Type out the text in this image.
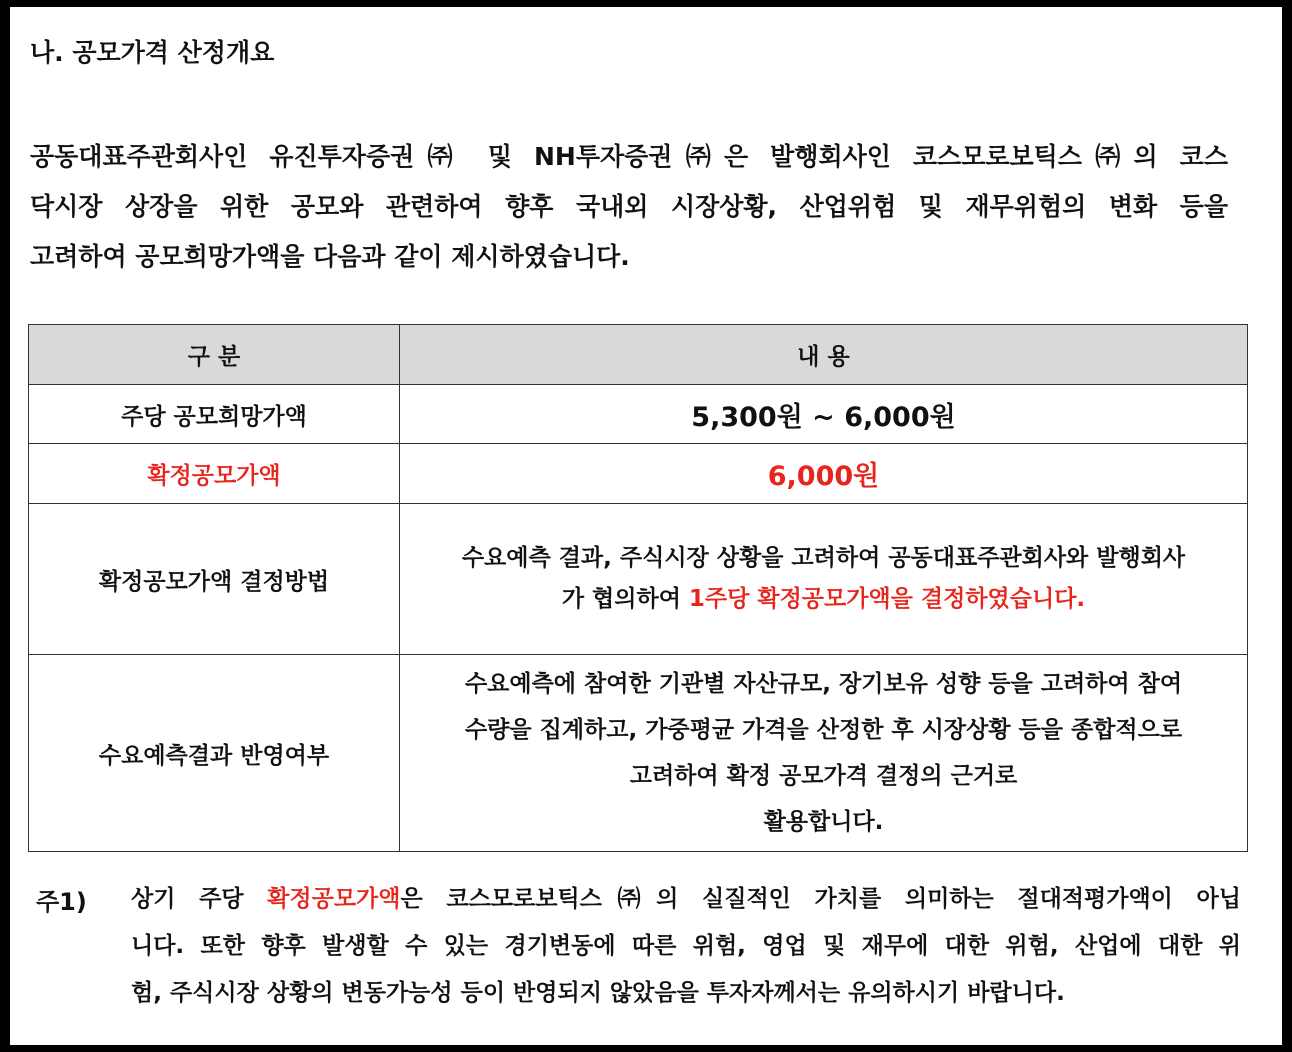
나. 공모가격 산정개요
공동대표주관회사인 유진투자증권㈜ 및 NH투자증권㈜은 발행회사인 코스모로보틱스㈜의 코스
닥시장 상장을 위한 공모와 관련하여 향후 국내외 시장상황, 산업위험 및 재무위험의 변화 등을
고려하여 공모희망가액을 다음과 같이 제시하였습니다.
구 분	내 용
주당 공모희망가액	5,300원 ~ 6,000원
확정공모가액	6,000원
확정공모가액 결정방법	수요예측 결과, 주식시장 상황을 고려하여 공동대표주관회사와 발행회사
가 협의하여 1주당 확정공모가액을 결정하였습니다.

수요예측결과 반영여부	수요예측에 참여한 기관별 자산규모, 장기보유 성향 등을 고려하여 참여
수량을 집계하고, 가중평균 가격을 산정한 후 시장상황 등을 종합적으로
고려하여 확정 공모가격 결정의 근거로
활용합니다.
주1) 상기 주당 확정공모가액은 코스모로보틱스㈜의 실질적인 가치를 의미하는 절대적평가액이 아닙
니다. 또한 향후 발생할 수 있는 경기변동에 따른 위험, 영업 및 재무에 대한 위험, 산업에 대한 위
험, 주식시장 상황의 변동가능성 등이 반영되지 않았음을 투자자께서는 유의하시기 바랍니다.
